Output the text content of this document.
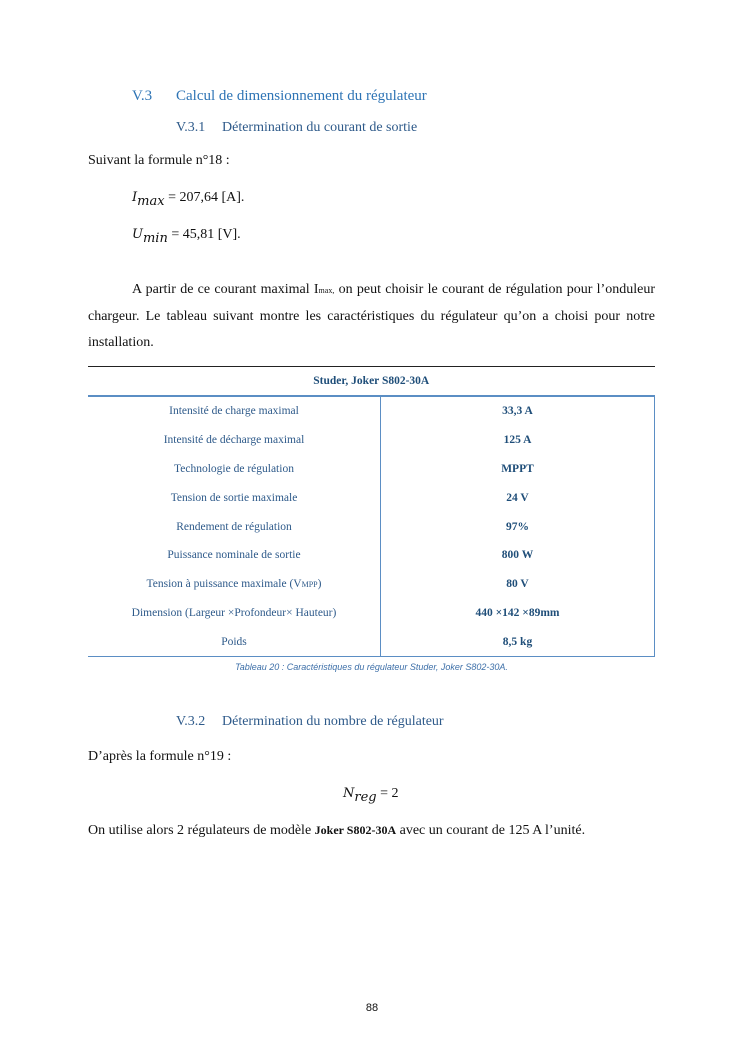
V.3 Calcul de dimensionnement du régulateur
V.3.1 Détermination du courant de sortie
Suivant la formule n°18 :
$I_{max} = 207,64$ [A].
$U_{min} = 45,81$ [V].
A partir de ce courant maximal Imax, on peut choisir le courant de régulation pour l’onduleur chargeur. Le tableau suivant montre les caractéristiques du régulateur qu’on a choisi pour notre installation.
Studer, Joker S802-30A	
Intensité de charge maximal	33,3 A
Intensité de décharge maximal	125 A
Technologie de régulation	MPPT
Tension de sortie maximale	24 V
Rendement de régulation	97%
Puissance nominale de sortie	800 W
Tension à puissance maximale (VMPP)	80 V
Dimension (Largeur ×Profondeur× Hauteur)	440 ×142 ×89mm
Poids	8,5 kg
Tableau 20 : Caractéristiques du régulateur Studer, Joker S802-30A.
V.3.2 Détermination du nombre de régulateur
D’après la formule n°19 :
$N_{reg} = 2$
On utilise alors 2 régulateurs de modèle Joker S802-30A avec un courant de 125 A l’unité.
88
